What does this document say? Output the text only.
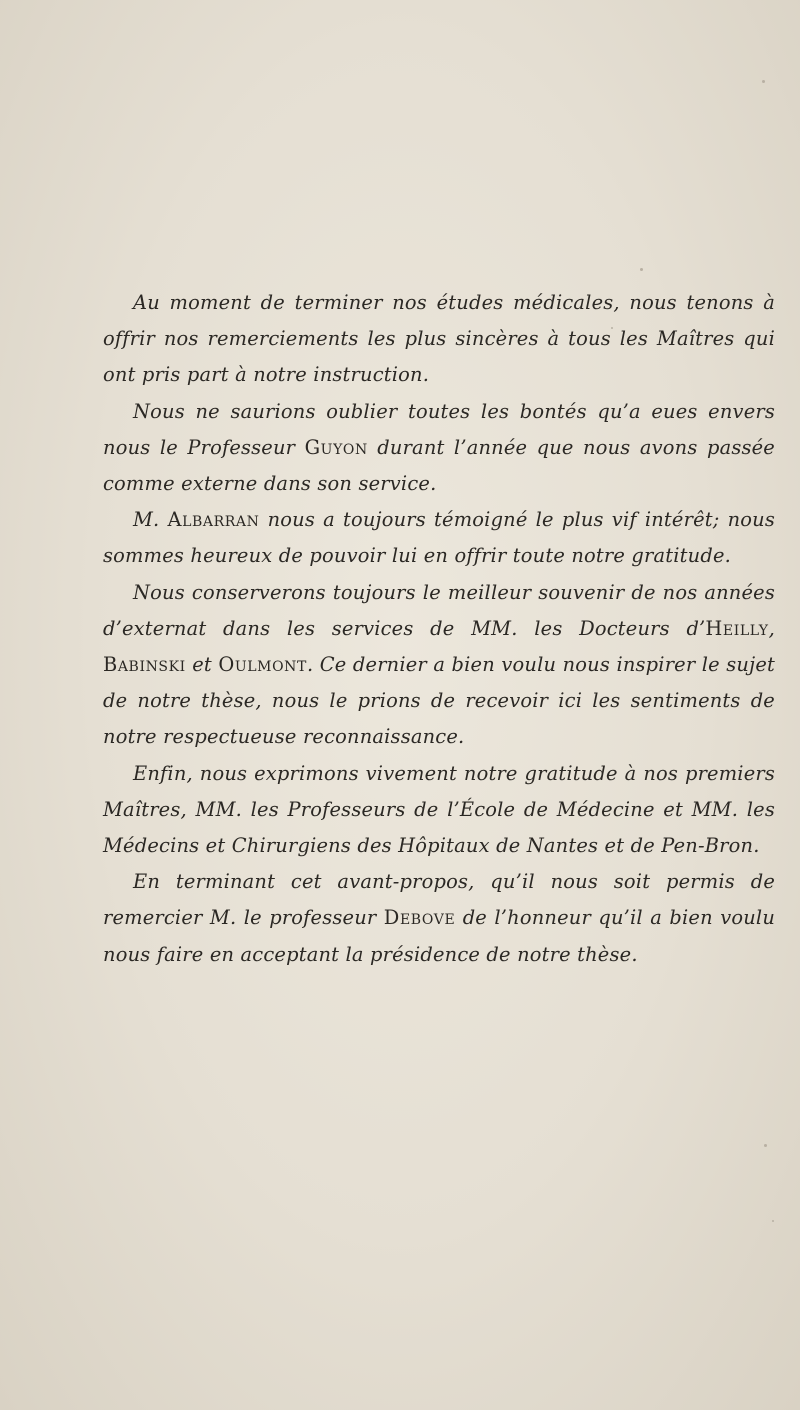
Au moment de terminer nos études médicales, nous tenons à offrir nos remerciements les plus sincères à tous les Maîtres qui ont pris part à notre instruction.

Nous ne saurions oublier toutes les bontés qu’a eues envers nous le Professeur Guyon durant l’année que nous avons passée comme externe dans son service.

M. Albarran nous a toujours témoigné le plus vif intérêt; nous sommes heureux de pouvoir lui en offrir toute notre gratitude.

Nous conserverons toujours le meilleur souvenir de nos années d’externat dans les services de MM. les Docteurs d’Heilly, Babinski et Oulmont. Ce dernier a bien voulu nous inspirer le sujet de notre thèse, nous le prions de recevoir ici les sentiments de notre respectueuse reconnaissance.

Enfin, nous exprimons vivement notre gratitude à nos premiers Maîtres, MM. les Professeurs de l’École de Médecine et MM. les Médecins et Chirurgiens des Hôpitaux de Nantes et de Pen-Bron.

En terminant cet avant-propos, qu’il nous soit permis de remercier M. le professeur Debove de l’honneur qu’il a bien voulu nous faire en acceptant la présidence de notre thèse.
